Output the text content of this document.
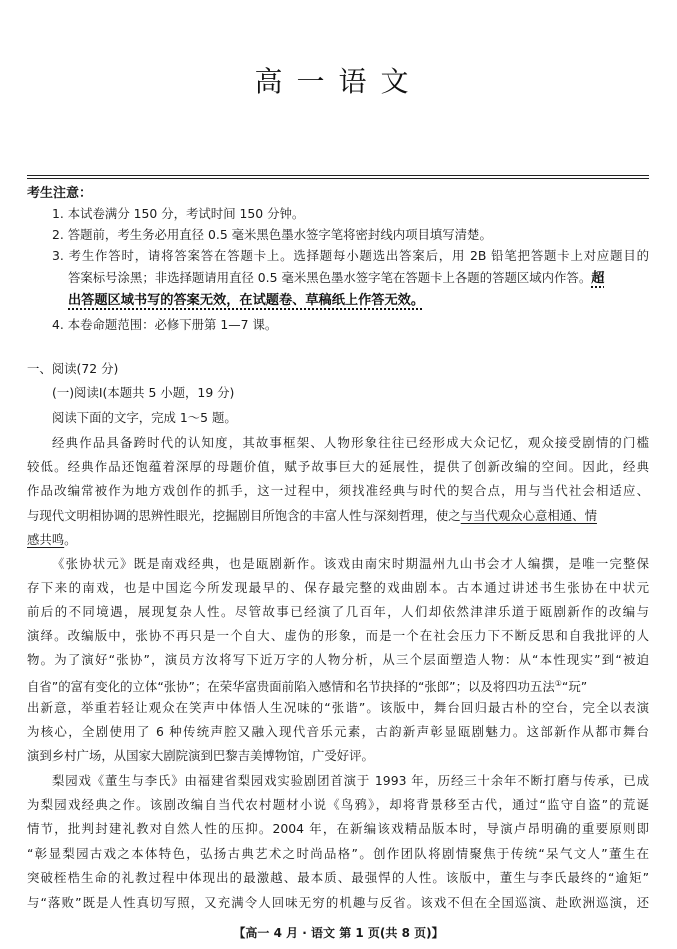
高一语文
考生注意：
1. 本试卷满分 150 分，考试时间 150 分钟。
2. 答题前，考生务必用直径 0.5 毫米黑色墨水签字笔将密封线内项目填写清楚。
3. 考生作答时，请将答案答在答题卡上。选择题每小题选出答案后，用 2B 铅笔把答题卡上对应题目的
答案标号涂黑；非选择题请用直径 0.5 毫米黑色墨水签字笔在答题卡上各题的答题区域内作答。超
出答题区域书写的答案无效，在试题卷、草稿纸上作答无效。
4. 本卷命题范围：必修下册第 1—7 课。
一、阅读(72 分)
(一)阅读Ⅰ(本题共 5 小题，19 分)
阅读下面的文字，完成 1～5 题。
经典作品具备跨时代的认知度，其故事框架、人物形象往往已经形成大众记忆，观众接受剧情的门槛
较低。经典作品还饱蕴着深厚的母题价值，赋予故事巨大的延展性，提供了创新改编的空间。因此，经典
作品改编常被作为地方戏创作的抓手，这一过程中，须找准经典与时代的契合点，用与当代社会相适应、
与现代文明相协调的思辨性眼光，挖掘剧目所饱含的丰富人性与深刻哲理，使之与当代观众心意相通、情
感共鸣。
《张协状元》既是南戏经典，也是瓯剧新作。该戏由南宋时期温州九山书会才人编撰，是唯一完整保
存下来的南戏，也是中国迄今所发现最早的、保存最完整的戏曲剧本。古本通过讲述书生张协在中状元
前后的不同境遇，展现复杂人性。尽管故事已经演了几百年，人们却依然津津乐道于瓯剧新作的改编与
演绎。改编版中，张协不再只是一个自大、虚伪的形象，而是一个在社会压力下不断反思和自我批评的人
物。为了演好“张协”，演员方汝将写下近万字的人物分析，从三个层面塑造人物：从“本性现实”到“被迫
自省”的富有变化的立体“张协”；在荣华富贵面前陷入感情和名节抉择的“张郎”；以及将四功五法①“玩”
出新意，举重若轻让观众在笑声中体悟人生况味的“张谐”。该版中，舞台回归最古朴的空台，完全以表演
为核心，全剧使用了 6 种传统声腔又融入现代音乐元素，古韵新声彰显瓯剧魅力。这部新作从都市舞台
演到乡村广场，从国家大剧院演到巴黎吉美博物馆，广受好评。
梨园戏《董生与李氏》由福建省梨园戏实验剧团首演于 1993 年，历经三十余年不断打磨与传承，已成
为梨园戏经典之作。该剧改编自当代农村题材小说《鸟鸦》，却将背景移至古代，通过“监守自盗”的荒诞
情节，批判封建礼教对自然人性的压抑。2004 年，在新编该戏精品版本时，导演卢昂明确的重要原则即
“彰显梨园古戏之本体特色，弘扬古典艺术之时尚品格”。创作团队将剧情聚焦于传统“呆气文人”董生在
突破桎梏生命的礼教过程中体现出的最激越、最本质、最强悍的人性。该版中，董生与李氏最终的“逾矩”
与“落败”既是人性真切写照，又充满令人回味无穷的机趣与反省。该戏不但在全国巡演、赴欧洲巡演，还
【高一 4 月 · 语文 第 1 页(共 8 页)】
